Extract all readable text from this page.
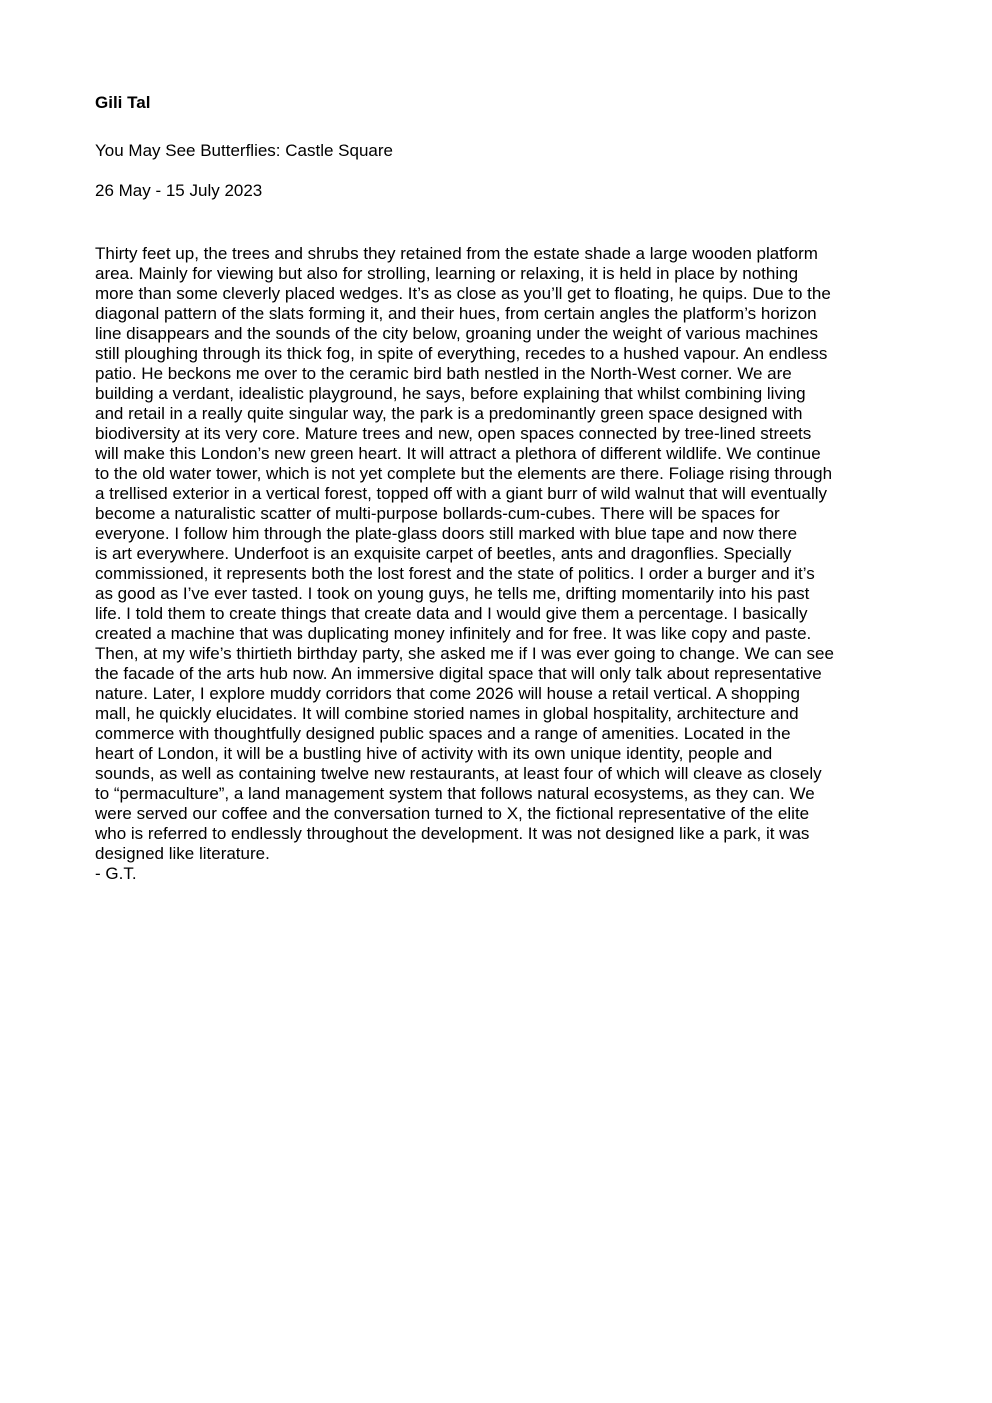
Gili Tal

You May See Butterflies: Castle Square

26 May - 15 July 2023

Thirty feet up, the trees and shrubs they retained from the estate shade a large wooden platform
area. Mainly for viewing but also for strolling, learning or relaxing, it is held in place by nothing
more than some cleverly placed wedges. It’s as close as you’ll get to floating, he quips. Due to the
diagonal pattern of the slats forming it, and their hues, from certain angles the platform’s horizon
line disappears and the sounds of the city below, groaning under the weight of various machines
still ploughing through its thick fog, in spite of everything, recedes to a hushed vapour. An endless
patio. He beckons me over to the ceramic bird bath nestled in the North-West corner. We are
building a verdant, idealistic playground, he says, before explaining that whilst combining living
and retail in a really quite singular way, the park is a predominantly green space designed with
biodiversity at its very core. Mature trees and new, open spaces connected by tree-lined streets
will make this London’s new green heart. It will attract a plethora of different wildlife. We continue
to the old water tower, which is not yet complete but the elements are there. Foliage rising through
a trellised exterior in a vertical forest, topped off with a giant burr of wild walnut that will eventually
become a naturalistic scatter of multi-purpose bollards-cum-cubes. There will be spaces for
everyone. I follow him through the plate-glass doors still marked with blue tape and now there
is art everywhere. Underfoot is an exquisite carpet of beetles, ants and dragonflies. Specially
commissioned, it represents both the lost forest and the state of politics. I order a burger and it’s
as good as I’ve ever tasted. I took on young guys, he tells me, drifting momentarily into his past
life. I told them to create things that create data and I would give them a percentage. I basically
created a machine that was duplicating money infinitely and for free. It was like copy and paste.
Then, at my wife’s thirtieth birthday party, she asked me if I was ever going to change. We can see
the facade of the arts hub now. An immersive digital space that will only talk about representative
nature. Later, I explore muddy corridors that come 2026 will house a retail vertical. A shopping
mall, he quickly elucidates. It will combine storied names in global hospitality, architecture and
commerce with thoughtfully designed public spaces and a range of amenities. Located in the
heart of London, it will be a bustling hive of activity with its own unique identity, people and
sounds, as well as containing twelve new restaurants, at least four of which will cleave as closely
to “permaculture”, a land management system that follows natural ecosystems, as they can. We
were served our coffee and the conversation turned to X, the fictional representative of the elite
who is referred to endlessly throughout the development. It was not designed like a park, it was
designed like literature.
- G.T.
